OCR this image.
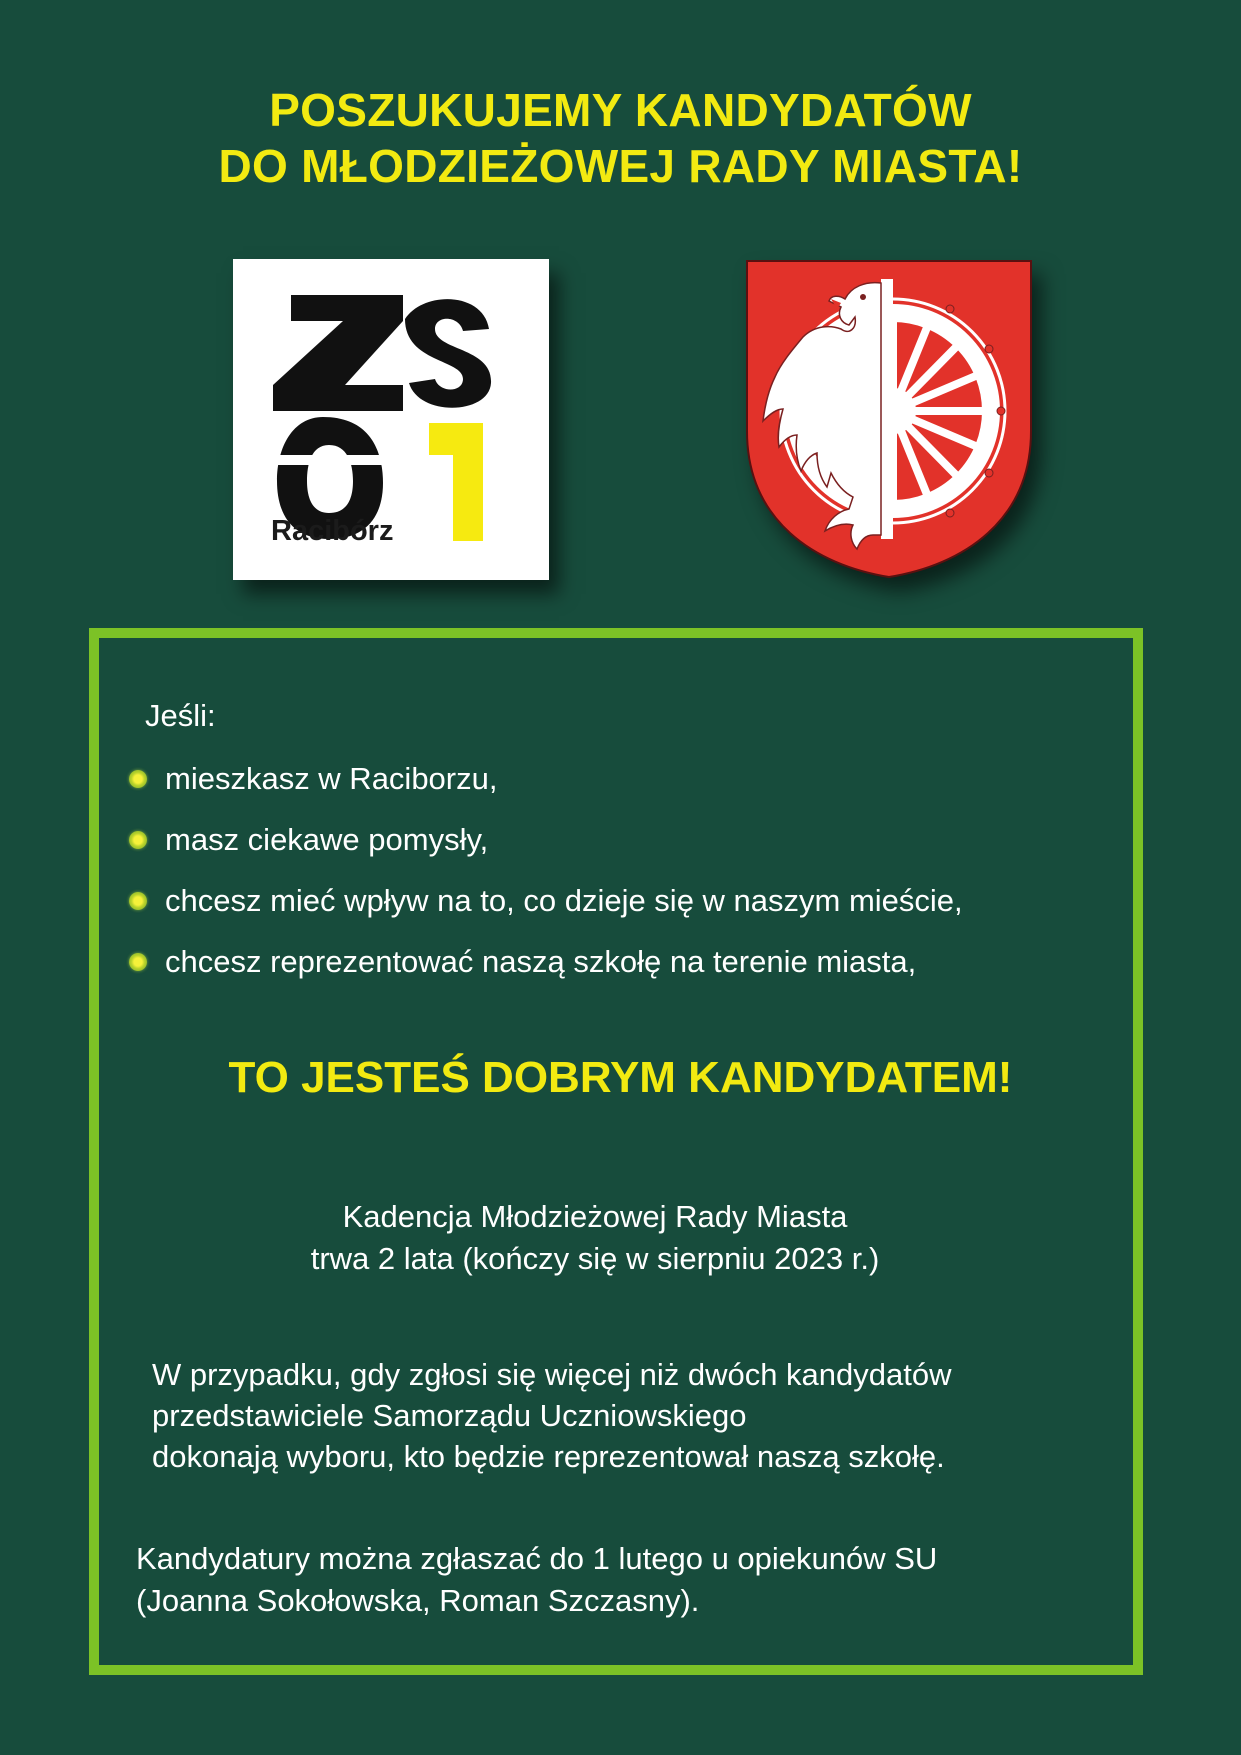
POSZUKUJEMY KANDYDATÓW
DO MŁODZIEŻOWEJ RADY MIASTA!
Racibórz
Jeśli:
mieszkasz w Raciborzu,
masz ciekawe pomysły,
chcesz mieć wpływ na to, co dzieje się w naszym mieście,
chcesz reprezentować naszą szkołę na terenie miasta,
TO JESTEŚ DOBRYM KANDYDATEM!
Kadencja Młodzieżowej Rady Miasta
trwa 2 lata (kończy się w sierpniu 2023 r.)
W przypadku, gdy zgłosi się więcej niż dwóch kandydatów
przedstawiciele Samorządu Uczniowskiego
dokonają wyboru, kto będzie reprezentował naszą szkołę.
Kandydatury można zgłaszać do 1 lutego u opiekunów SU
(Joanna Sokołowska, Roman Szczasny).
